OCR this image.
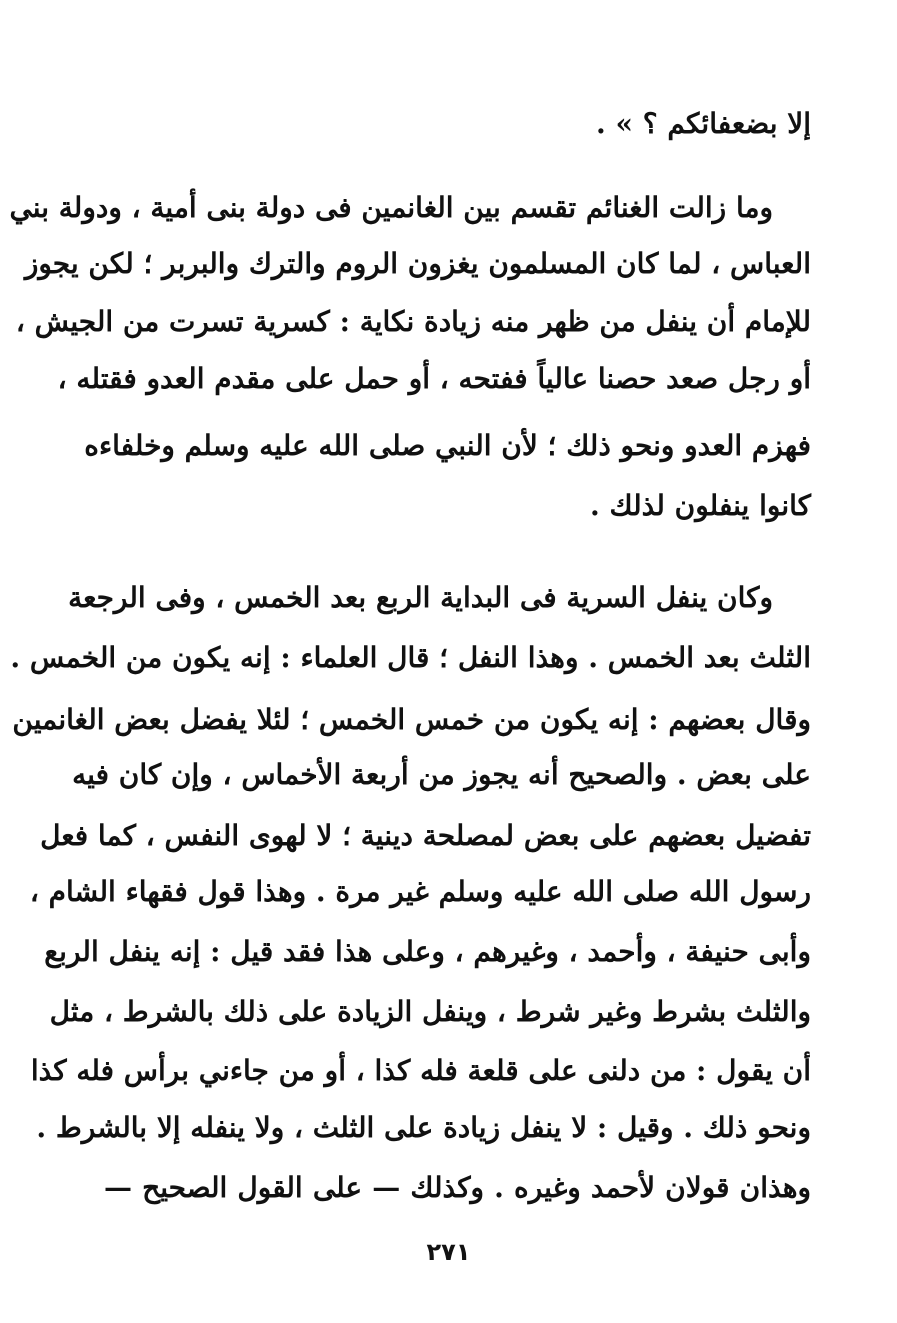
إلا بضعفائكم ؟ » .
وما زالت الغنائم تقسم بين الغانمين فى دولة بنى أمية ، ودولة بني
العباس ، لما كان المسلمون يغزون الروم والترك والبربر ؛ لكن يجوز
للإمام أن ينفل من ظهر منه زيادة نكاية : كسرية تسرت من الجيش ،
أو رجل صعد حصنا عالياً ففتحه ، أو حمل على مقدم العدو فقتله ،
فهزم العدو ونحو ذلك ؛ لأن النبي صلى الله عليه وسلم وخلفاءه
كانوا ينفلون لذلك .
وكان ينفل السرية فى البداية الربع بعد الخمس ، وفى الرجعة
الثلث بعد الخمس . وهذا النفل ؛ قال العلماء : إنه يكون من الخمس .
وقال بعضهم : إنه يكون من خمس الخمس ؛ لئلا يفضل بعض الغانمين
على بعض . والصحيح أنه يجوز من أربعة الأخماس ، وإن كان فيه
تفضيل بعضهم على بعض لمصلحة دينية ؛ لا لهوى النفس ، كما فعل
رسول الله صلى الله عليه وسلم غير مرة . وهذا قول فقهاء الشام ،
وأبى حنيفة ، وأحمد ، وغيرهم ، وعلى هذا فقد قيل : إنه ينفل الربع
والثلث بشرط وغير شرط ، وينفل الزيادة على ذلك بالشرط ، مثل
أن يقول : من دلنى على قلعة فله كذا ، أو من جاءني برأس فله كذا
ونحو ذلك . وقيل : لا ينفل زيادة على الثلث ، ولا ينفله إلا بالشرط .
وهذان قولان لأحمد وغيره . وكذلك — على القول الصحيح —
٢٧١
